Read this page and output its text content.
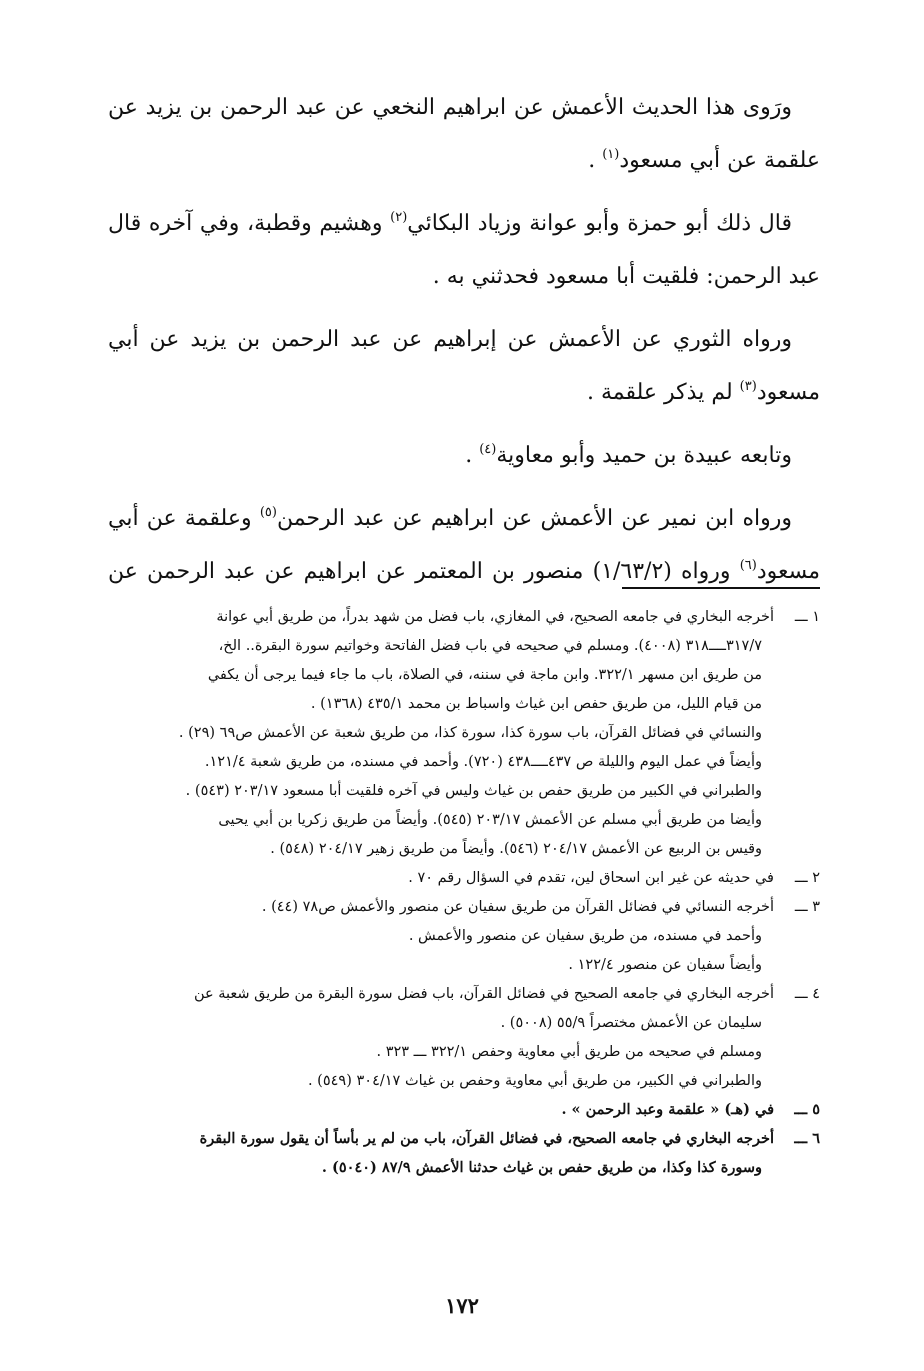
ورَوى هذا الحديث الأعمش عن ابراهيم النخعي عن عبد الرحمن بن يزيد عن
علقمة عن أبي مسعود$^{(١)}$ .
قال ذلك أبو حمزة وأبو عوانة وزياد البكائي$^{(٢)}$ وهشيم وقطبة، وفي آخره قال
عبد الرحمن: فلقيت أبا مسعود فحدثني به .
ورواه الثوري عن الأعمش عن إبراهيم عن عبد الرحمن بن يزيد عن أبي
مسعود$^{(٣)}$ لم يذكر علقمة .
وتابعه عبيدة بن حميد وأبو معاوية$^{(٤)}$ .
ورواه ابن نمير عن الأعمش عن ابراهيم عن عبد الرحمن$^{(٥)}$ وعلقمة عن أبي
مسعود$^{(٦)}$ ورواه (١/٦٣/٢) منصور بن المعتمر عن ابراهيم عن عبد الرحمن عن
١ ـــ
أخرجه البخاري في جامعه الصحيح، في المغازي، باب فضل من شهد بدراً، من طريق أبي عوانة
٣١٧/٧ــــ٣١٨ (٤٠٠٨). ومسلم في صحيحه في باب فضل الفاتحة وخواتيم سورة البقرة.. الخ،
من طريق ابن مسهر ٣٢٢/١. وابن ماجة في سننه، في الصلاة، باب ما جاء فيما يرجى أن يكفي
من قيام الليل، من طريق حفص ابن غياث واسباط بن محمد ٤٣٥/١ (١٣٦٨) .
والنسائي في فضائل القرآن، باب سورة كذا، سورة كذا، من طريق شعبة عن الأعمش ص٦٩ (٢٩) .
وأيضاً في عمل اليوم والليلة ص ٤٣٧ــــ٤٣٨ (٧٢٠). وأحمد في مسنده، من طريق شعبة ١٢١/٤.
والطبراني في الكبير من طريق حفص بن غياث وليس في آخره فلقيت أبا مسعود ٢٠٣/١٧ (٥٤٣) .
وأيضا من طريق أبي مسلم عن الأعمش ٢٠٣/١٧ (٥٤٥). وأيضاً من طريق زكريا بن أبي يحيى
وقيس بن الربيع عن الأعمش ٢٠٤/١٧ (٥٤٦). وأيضاً من طريق زهير ٢٠٤/١٧ (٥٤٨) .
٢ ـــ
في حديثه عن غير ابن اسحاق لين، تقدم في السؤال رقم ٧٠ .
٣ ـــ
أخرجه النسائي في فضائل القرآن من طريق سفيان عن منصور والأعمش ص٧٨ (٤٤) .
وأحمد في مسنده، من طريق سفيان عن منصور والأعمش .
وأيضاً سفيان عن منصور ١٢٢/٤ .
٤ ـــ
أخرجه البخاري في جامعه الصحيح في فضائل القرآن، باب فضل سورة البقرة من طريق شعبة عن
سليمان عن الأعمش مختصراً ٥٥/٩ (٥٠٠٨) .
ومسلم في صحيحه من طريق أبي معاوية وحفص ٣٢٢/١ ـــ ٣٢٣ .
والطبراني في الكبير، من طريق أبي معاوية وحفص بن غياث ٣٠٤/١٧ (٥٤٩) .
٥ ـــ
في (هـ) « علقمة وعبد الرحمن » .
٦ ـــ
أخرجه البخاري في جامعه الصحيح، في فضائل القرآن، باب من لم ير بأساً أن يقول سورة البقرة
وسورة كذا وكذا، من طريق حفص بن غياث حدثنا الأعمش ٨٧/٩ (٥٠٤٠) .
١٧٢
